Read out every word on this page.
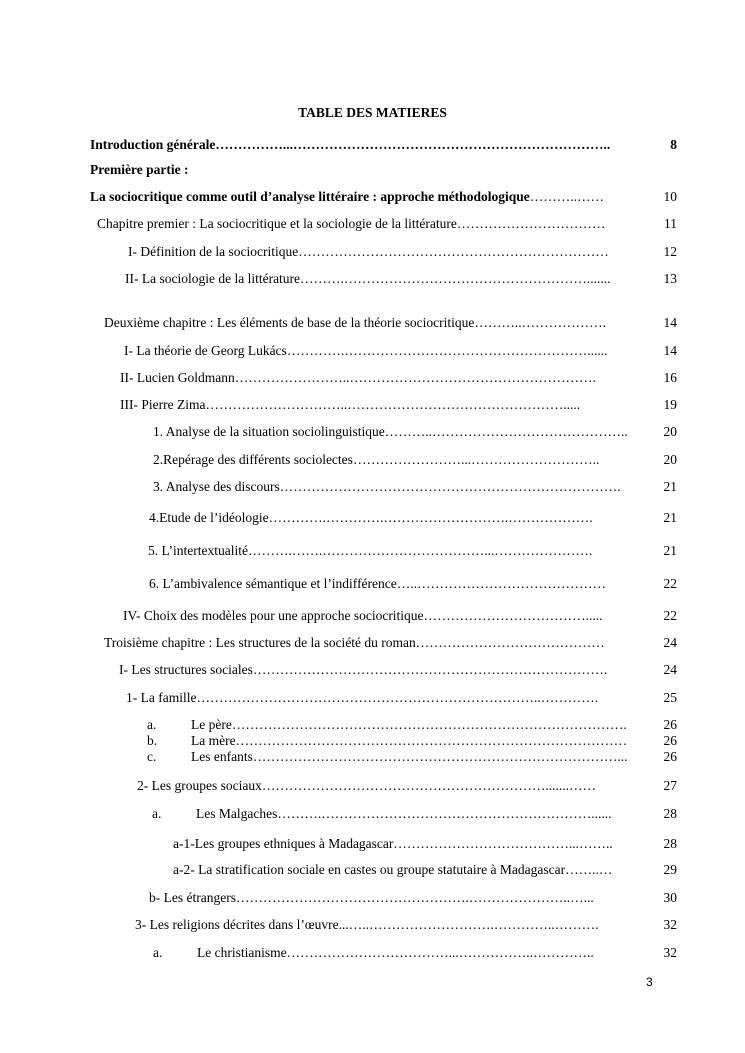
TABLE DES MATIERES
Introduction générale ……………...……………………………………………………………..	8
Première partie :
La sociocritique comme outil d’analyse littéraire : approche méthodologique ………..……	10
Chapitre premier : La sociocritique et la sociologie de la littérature ……………………………	11
I- Définition de la sociocritique ……………………………………………………………	12
II- La sociologie de la littérature ……….……………………………………………….......	13
Deuxième chapitre : Les éléments de base de la théorie sociocritique ………..……………….	14
I- La théorie de Georg Lukács ………….………………………………………………......	14
II- Lucien Goldmann ……………………..……………………………………………….	16
III- Pierre Zima …………………………..………………………………………….....	19
1. Analyse de la situation sociolinguistique ………..……………………………………..	20
2.Repérage des différents sociolectes ……………………...………………………..	20
3. Analyse des discours ………………………………………………………………….	21
4.Etude de l’idéologie ………….………….……………………….……………….	21
5. L’intertextualité ……….…….………………………………...………………….	21
6. L’ambivalence sémantique et l’indifférence …..……………………………………	22
IV- Choix des modèles pour une approche sociocritique ……………………………….....	22
Troisième chapitre : Les structures de la société du roman ……………………………………	24
I- Les structures sociales …………………………………………………………………….	24
1- La famille …………………………………………………………………..………….	25
a.	Le père …………………………………………………………………………….	26
b.	La mère ……………………………………………………………………………	26
c.	Les enfants ………………………………………………………………………...	26
2- Les groupes sociaux ……………………………………………………….......……	27
a.	Les Malgaches ……….……………………………………………………......	28
a-1-Les groupes ethniques à Madagascar …………………………………...……..	28
a-2- La stratification sociale en castes ou groupe statutaire à Madagascar ……..…	29
b- Les étrangers …………………………………………….…………………..…...	30
3- Les religions décrites dans l’œuvre ...…..……………………….…………..……….	32
a.	Le christianisme ………………………………...……………..…………..	32
3
